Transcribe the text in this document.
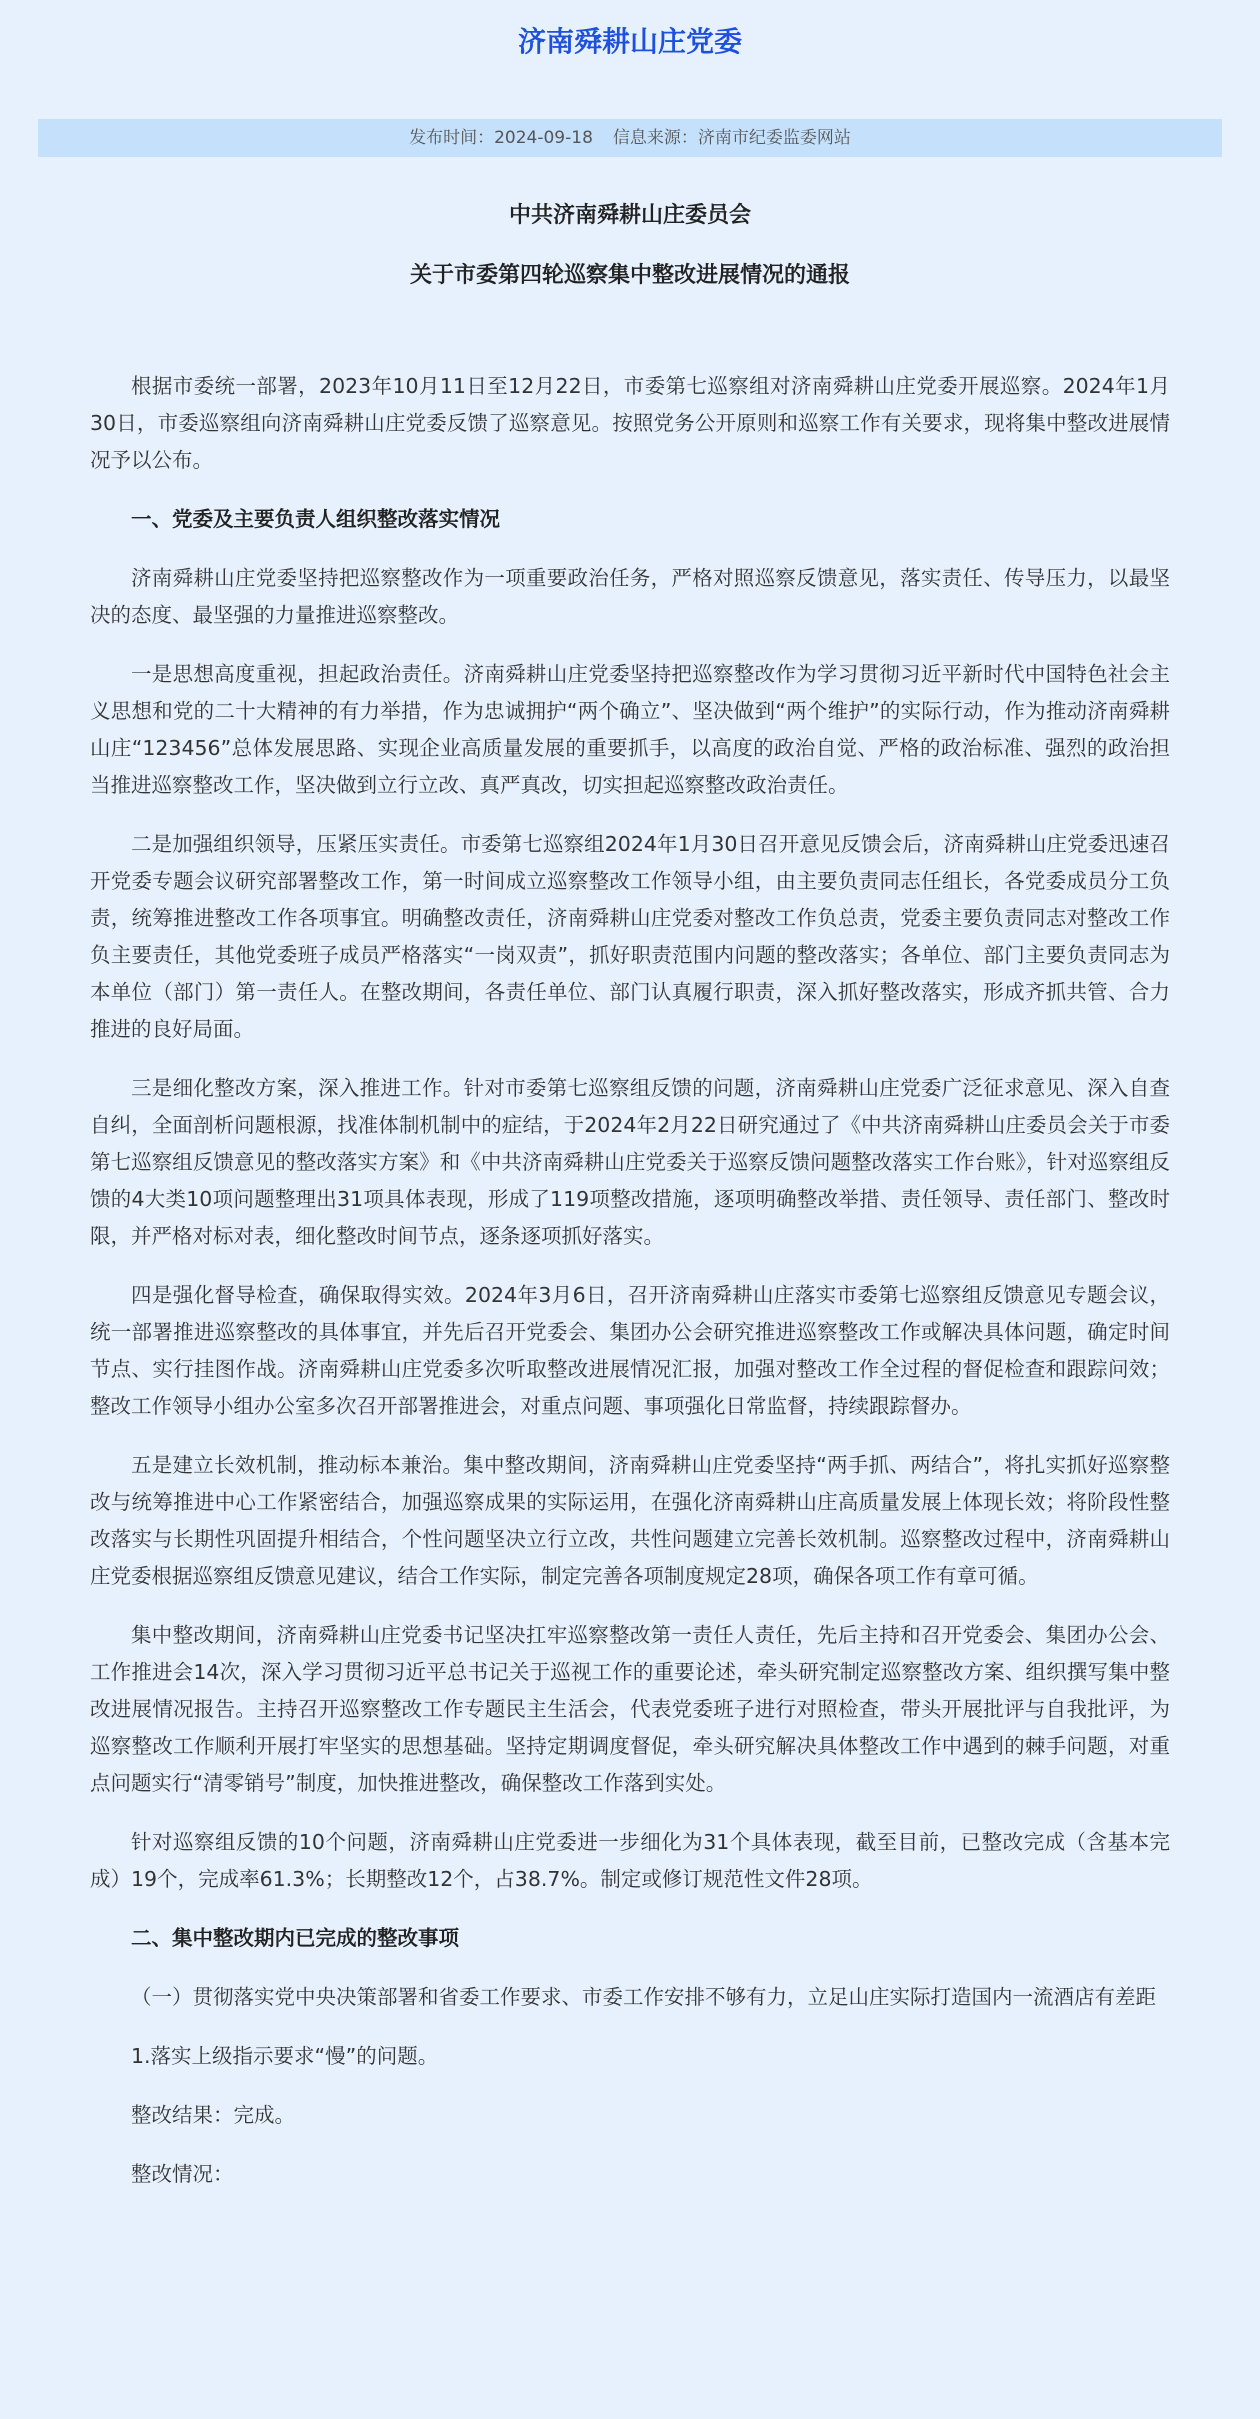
济南舜耕山庄党委
发布时间：2024-09-18 信息来源：济南市纪委监委网站
中共济南舜耕山庄委员会
关于市委第四轮巡察集中整改进展情况的通报

根据市委统一部署，2023年10月11日至12月22日，市委第七巡察组对济南舜耕山庄党委开展巡察。2024年1月30日，市委巡察组向济南舜耕山庄党委反馈了巡察意见。按照党务公开原则和巡察工作有关要求，现将集中整改进展情况予以公布。

一、党委及主要负责人组织整改落实情况

济南舜耕山庄党委坚持把巡察整改作为一项重要政治任务，严格对照巡察反馈意见，落实责任、传导压力，以最坚决的态度、最坚强的力量推进巡察整改。

一是思想高度重视，担起政治责任。济南舜耕山庄党委坚持把巡察整改作为学习贯彻习近平新时代中国特色社会主义思想和党的二十大精神的有力举措，作为忠诚拥护“两个确立”、坚决做到“两个维护”的实际行动，作为推动济南舜耕山庄“123456”总体发展思路、实现企业高质量发展的重要抓手，以高度的政治自觉、严格的政治标准、强烈的政治担当推进巡察整改工作，坚决做到立行立改、真严真改，切实担起巡察整改政治责任。

二是加强组织领导，压紧压实责任。市委第七巡察组2024年1月30日召开意见反馈会后，济南舜耕山庄党委迅速召开党委专题会议研究部署整改工作，第一时间成立巡察整改工作领导小组，由主要负责同志任组长，各党委成员分工负责，统筹推进整改工作各项事宜。明确整改责任，济南舜耕山庄党委对整改工作负总责，党委主要负责同志对整改工作负主要责任，其他党委班子成员严格落实“一岗双责”，抓好职责范围内问题的整改落实；各单位、部门主要负责同志为本单位（部门）第一责任人。在整改期间，各责任单位、部门认真履行职责，深入抓好整改落实，形成齐抓共管、合力推进的良好局面。

三是细化整改方案，深入推进工作。针对市委第七巡察组反馈的问题，济南舜耕山庄党委广泛征求意见、深入自查自纠，全面剖析问题根源，找准体制机制中的症结，于2024年2月22日研究通过了《中共济南舜耕山庄委员会关于市委第七巡察组反馈意见的整改落实方案》和《中共济南舜耕山庄党委关于巡察反馈问题整改落实工作台账》，针对巡察组反馈的4大类10项问题整理出31项具体表现，形成了119项整改措施，逐项明确整改举措、责任领导、责任部门、整改时限，并严格对标对表，细化整改时间节点，逐条逐项抓好落实。

四是强化督导检查，确保取得实效。2024年3月6日，召开济南舜耕山庄落实市委第七巡察组反馈意见专题会议，统一部署推进巡察整改的具体事宜，并先后召开党委会、集团办公会研究推进巡察整改工作或解决具体问题，确定时间节点、实行挂图作战。济南舜耕山庄党委多次听取整改进展情况汇报，加强对整改工作全过程的督促检查和跟踪问效；整改工作领导小组办公室多次召开部署推进会，对重点问题、事项强化日常监督，持续跟踪督办。

五是建立长效机制，推动标本兼治。集中整改期间，济南舜耕山庄党委坚持“两手抓、两结合”，将扎实抓好巡察整改与统筹推进中心工作紧密结合，加强巡察成果的实际运用，在强化济南舜耕山庄高质量发展上体现长效；将阶段性整改落实与长期性巩固提升相结合，个性问题坚决立行立改，共性问题建立完善长效机制。巡察整改过程中，济南舜耕山庄党委根据巡察组反馈意见建议，结合工作实际，制定完善各项制度规定28项，确保各项工作有章可循。

集中整改期间，济南舜耕山庄党委书记坚决扛牢巡察整改第一责任人责任，先后主持和召开党委会、集团办公会、工作推进会14次，深入学习贯彻习近平总书记关于巡视工作的重要论述，牵头研究制定巡察整改方案、组织撰写集中整改进展情况报告。主持召开巡察整改工作专题民主生活会，代表党委班子进行对照检查，带头开展批评与自我批评，为巡察整改工作顺利开展打牢坚实的思想基础。坚持定期调度督促，牵头研究解决具体整改工作中遇到的棘手问题，对重点问题实行“清零销号”制度，加快推进整改，确保整改工作落到实处。

针对巡察组反馈的10个问题，济南舜耕山庄党委进一步细化为31个具体表现，截至目前，已整改完成（含基本完成）19个，完成率61.3%；长期整改12个，占38.7%。制定或修订规范性文件28项。

二、集中整改期内已完成的整改事项

（一）贯彻落实党中央决策部署和省委工作要求、市委工作安排不够有力，立足山庄实际打造国内一流酒店有差距

1.落实上级指示要求“慢”的问题。

整改结果：完成。

整改情况：
